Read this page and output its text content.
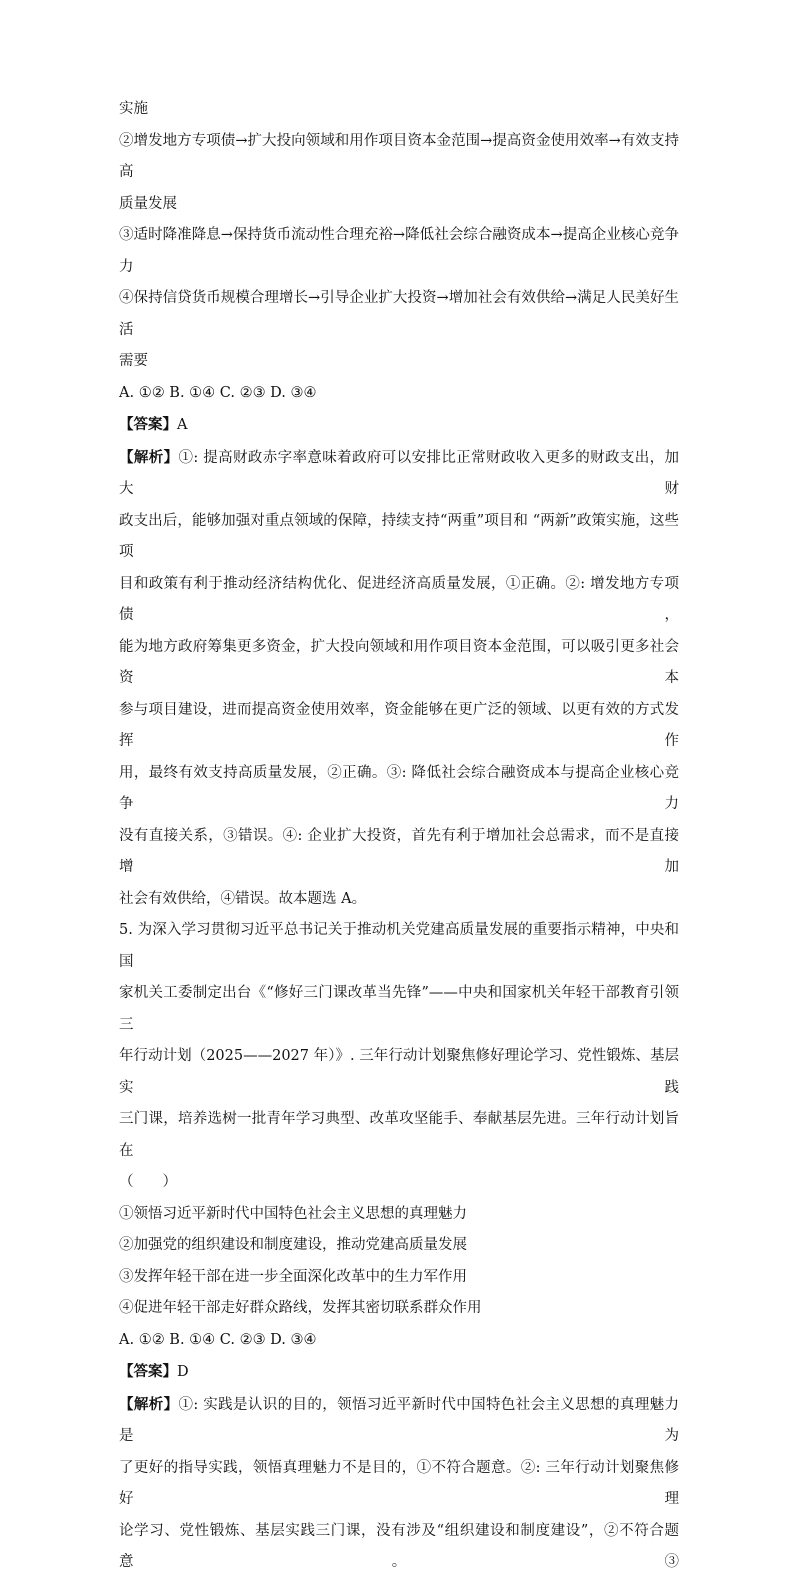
实施

②增发地方专项债→扩大投向领域和用作项目资本金范围→提高资金使用效率→有效支持高

质量发展

③适时降准降息→保持货币流动性合理充裕→降低社会综合融资成本→提高企业核心竞争力

④保持信贷货币规模合理增长→引导企业扩大投资→增加社会有效供给→满足人民美好生活

需要

A. ①② B. ①④ C. ②③ D. ③④

【答案】A

【解析】①: 提高财政赤字率意味着政府可以安排比正常财政收入更多的财政支出，加大财

政支出后，能够加强对重点领域的保障，持续支持“两重”项目和 “两新”政策实施，这些项

目和政策有利于推动经济结构优化、促进经济高质量发展，①正确。②: 增发地方专项债，

能为地方政府筹集更多资金，扩大投向领域和用作项目资本金范围，可以吸引更多社会资本

参与项目建设，进而提高资金使用效率，资金能够在更广泛的领域、以更有效的方式发挥作

用，最终有效支持高质量发展，②正确。③: 降低社会综合融资成本与提高企业核心竞争力

没有直接关系，③错误。④: 企业扩大投资，首先有利于增加社会总需求，而不是直接增加

社会有效供给，④错误。故本题选 A。

5. 为深入学习贯彻习近平总书记关于推动机关党建高质量发展的重要指示精神，中央和国

家机关工委制定出台《“修好三门课改革当先锋”——中央和国家机关年轻干部教育引领三

年行动计划（2025——2027 年）》. 三年行动计划聚焦修好理论学习、党性锻炼、基层实践

三门课，培养选树一批青年学习典型、改革攻坚能手、奉献基层先进。三年行动计划旨在

（　　）

①领悟习近平新时代中国特色社会主义思想的真理魅力

②加强党的组织建设和制度建设，推动党建高质量发展

③发挥年轻干部在进一步全面深化改革中的生力军作用

④促进年轻干部走好群众路线，发挥其密切联系群众作用

A. ①② B. ①④ C. ②③ D. ③④

【答案】D

【解析】①: 实践是认识的目的，领悟习近平新时代中国特色社会主义思想的真理魅力是为

了更好的指导实践，领悟真理魅力不是目的，①不符合题意。②: 三年行动计划聚焦修好理

论学习、党性锻炼、基层实践三门课，没有涉及“组织建设和制度建设”，②不符合题意。③
